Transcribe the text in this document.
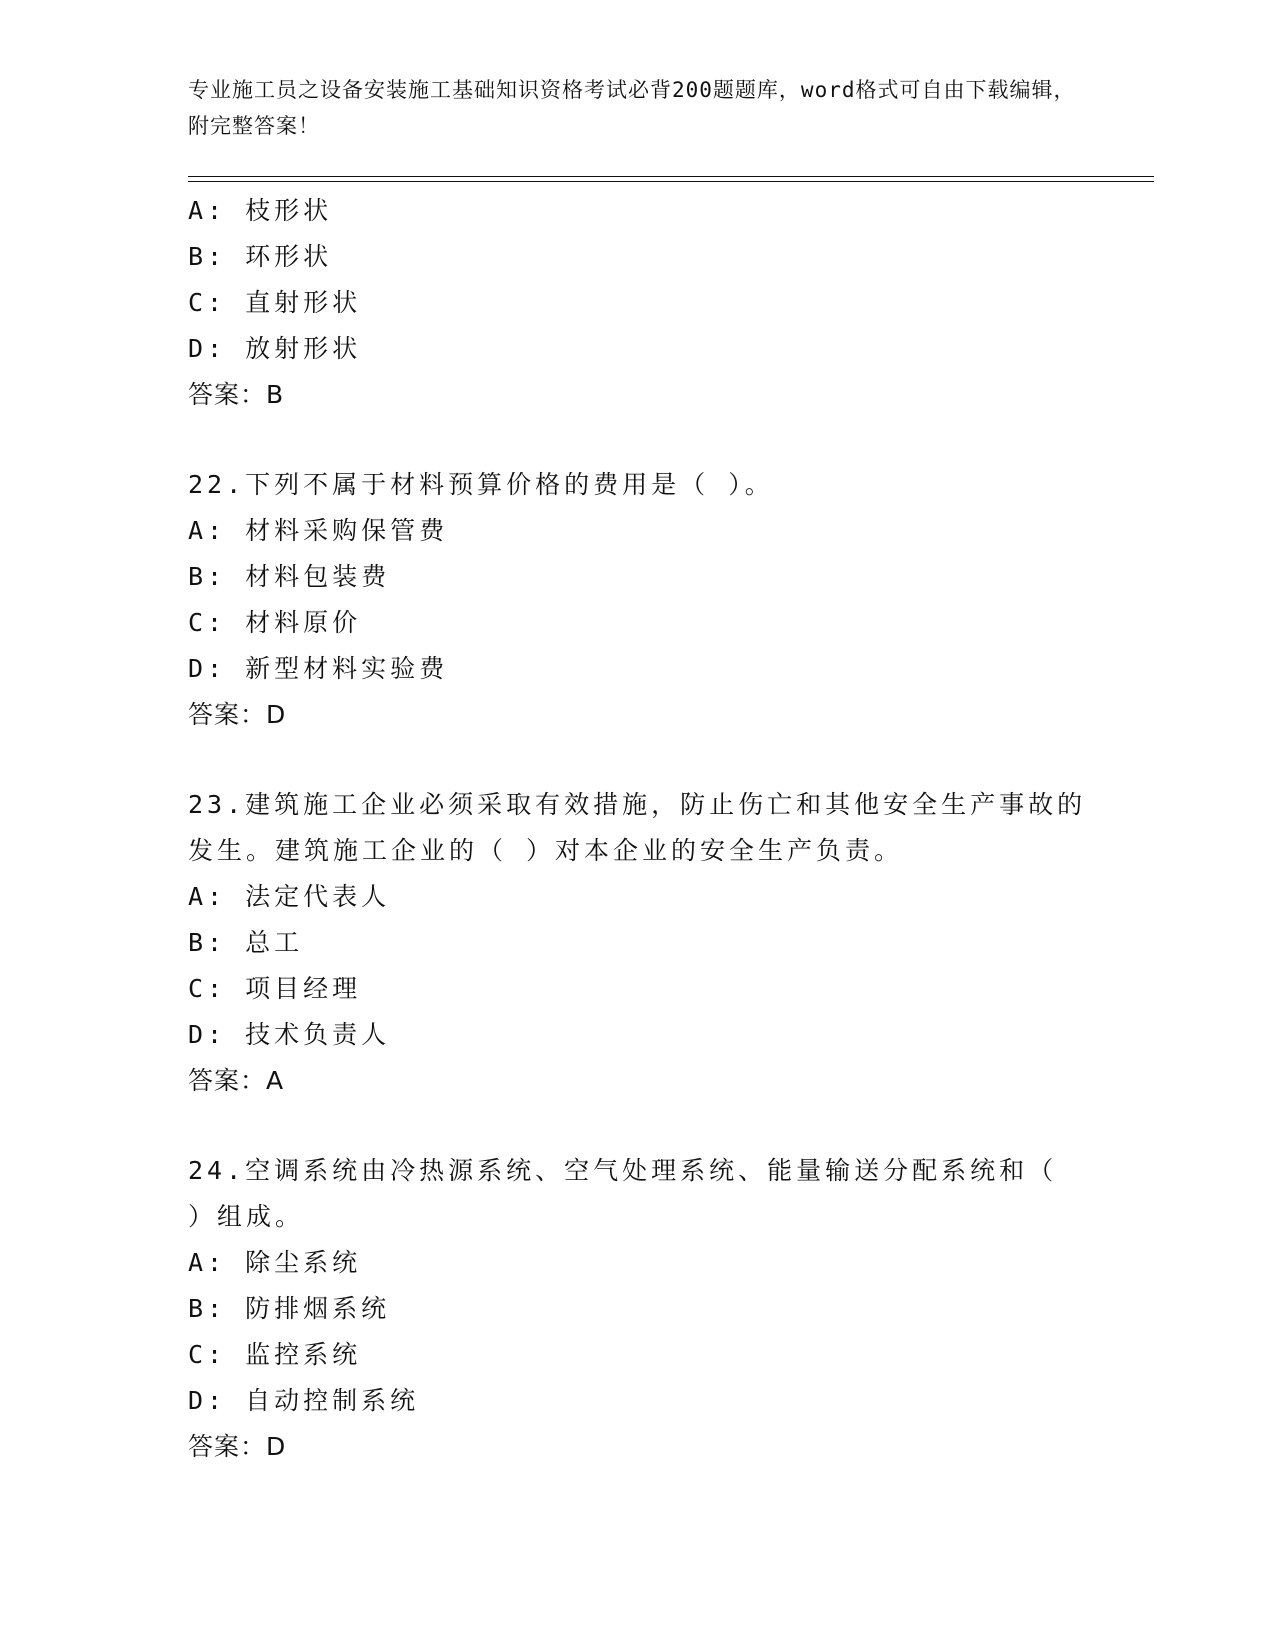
专业施工员之设备安装施工基础知识资格考试必背200题题库，word格式可自由下载编辑，附完整答案！
A: 枝形状
B: 环形状
C: 直射形状
D: 放射形状
答案：B
22.下列不属于材料预算价格的费用是（ ）。
A: 材料采购保管费
B: 材料包装费
C: 材料原价
D: 新型材料实验费
答案：D
23.建筑施工企业必须采取有效措施，防止伤亡和其他安全生产事故的发生。建筑施工企业的（ ）对本企业的安全生产负责。
A: 法定代表人
B: 总工
C: 项目经理
D: 技术负责人
答案：A
24.空调系统由冷热源系统、空气处理系统、能量输送分配系统和（ ）组成。
A: 除尘系统
B: 防排烟系统
C: 监控系统
D: 自动控制系统
答案：D
